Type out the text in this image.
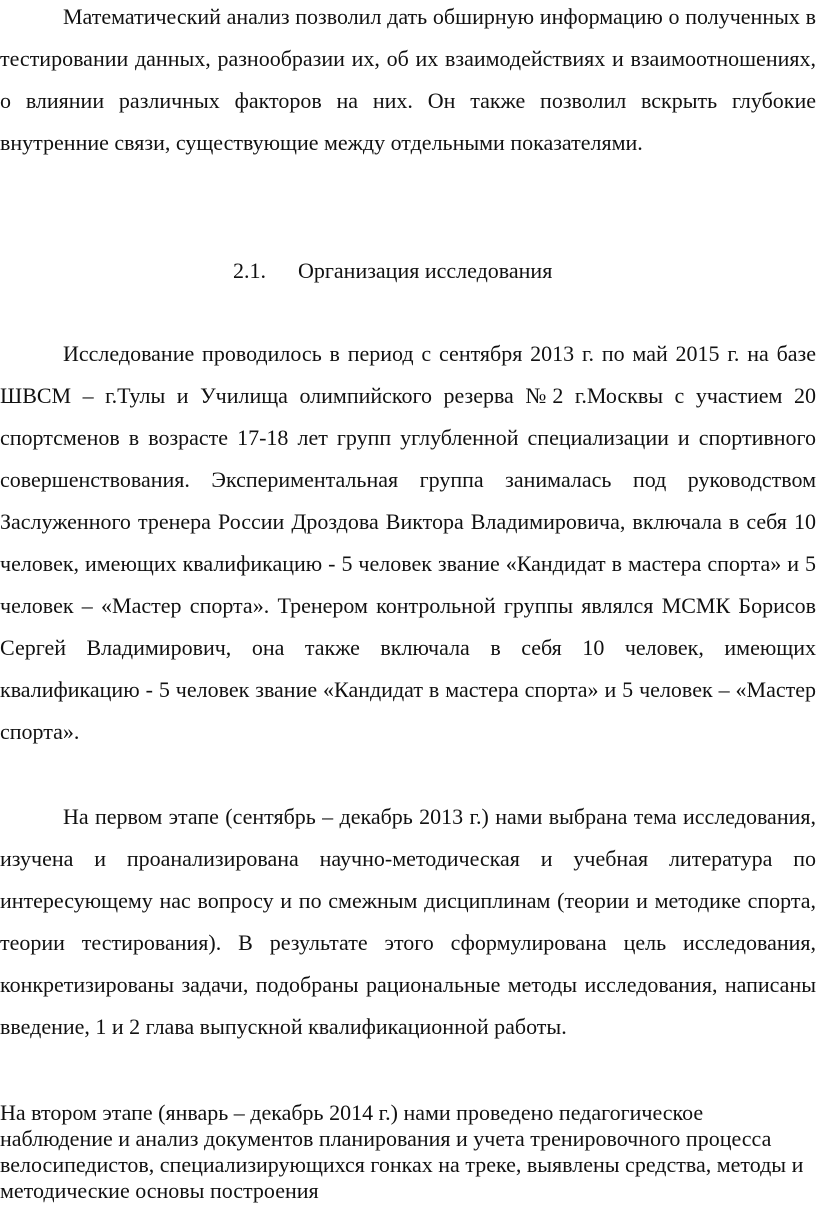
Математический анализ позволил дать обширную информацию о полученных в тестировании данных, разнообразии их, об их взаимодействиях и взаимоотношениях, о влиянии различных факторов на них. Он также позволил вскрыть глубокие внутренние связи, существующие между отдельными показателями.

2.1. Организация исследования

Исследование проводилось в период с сентября 2013 г. по май 2015 г. на базе ШВСМ – г.Тулы и Училища олимпийского резерва №2 г.Москвы с участием 20 спортсменов в возрасте 17-18 лет групп углубленной специализации и спортивного совершенствования. Экспериментальная группа занималась под руководством Заслуженного тренера России Дроздова Виктора Владимировича, включала в себя 10 человек, имеющих квалификацию - 5 человек звание «Кандидат в мастера спорта» и 5 человек – «Мастер спорта». Тренером контрольной группы являлся МСМК Борисов Сергей Владимирович, она также включала в себя 10 человек, имеющих квалификацию - 5 человек звание «Кандидат в мастера спорта» и 5 человек – «Мастер спорта».

На первом этапе (сентябрь – декабрь 2013 г.) нами выбрана тема исследования, изучена и проанализирована научно-методическая и учебная литература по интересующему нас вопросу и по смежным дисциплинам (теории и методике спорта, теории тестирования). В результате этого сформулирована цель исследования, конкретизированы задачи, подобраны рациональные методы исследования, написаны введение, 1 и 2 глава выпускной квалификационной работы.

На втором этапе (январь – декабрь 2014 г.) нами проведено педагогическое наблюдение и анализ документов планирования и учета тренировочного процесса велосипедистов, специализирующихся гонках на треке, выявлены средства, методы и методические основы построения
